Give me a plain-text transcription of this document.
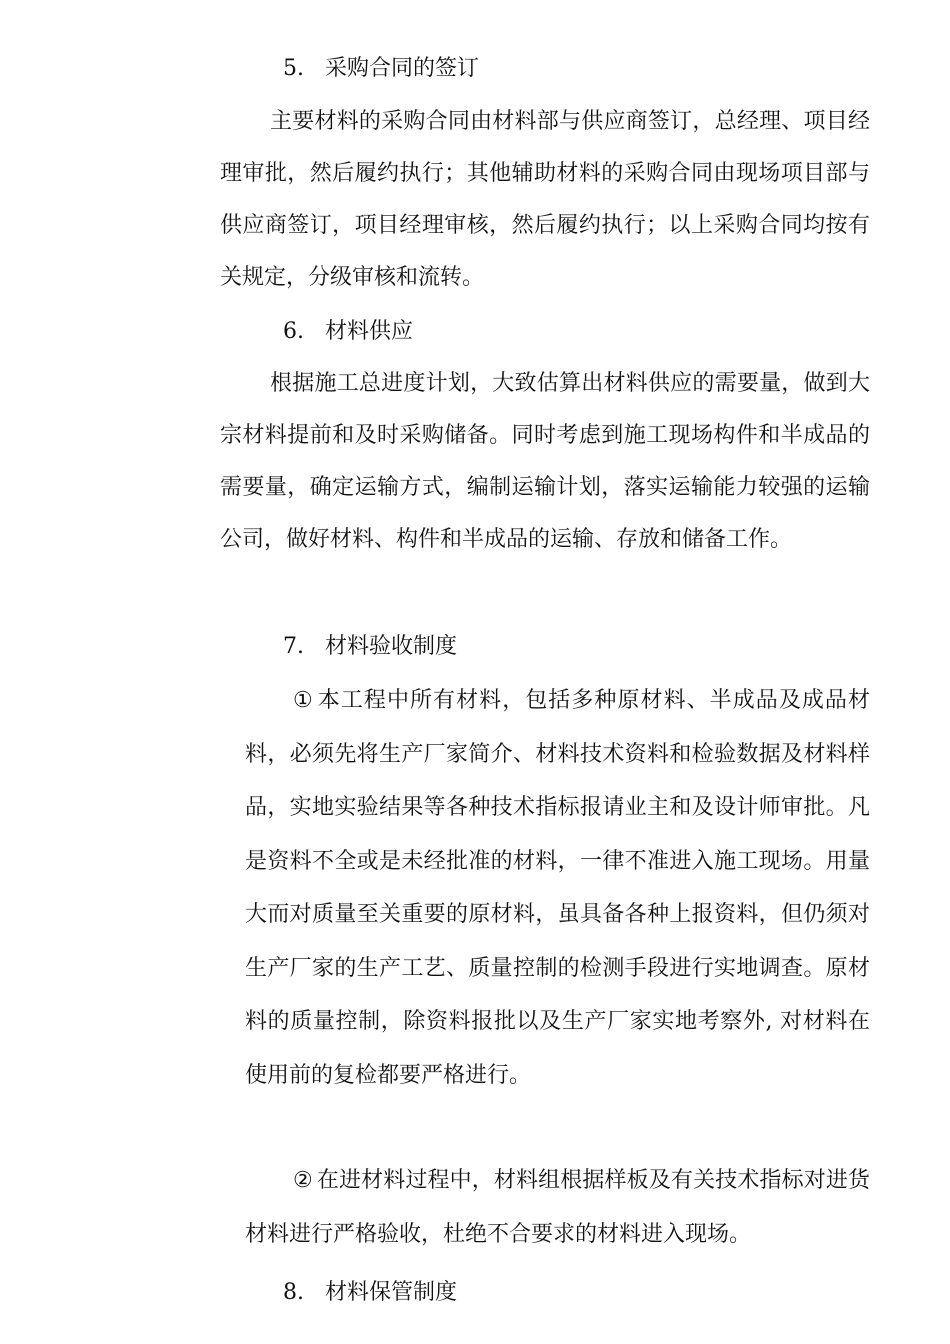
5. 采购合同的签订

主要材料的采购合同由材料部与供应商签订，总经理、项目经理审批，然后履约执行；其他辅助材料的采购合同由现场项目部与供应商签订，项目经理审核，然后履约执行；以上采购合同均按有关规定，分级审核和流转。

6. 材料供应

根据施工总进度计划，大致估算出材料供应的需要量，做到大宗材料提前和及时采购储备。同时考虑到施工现场构件和半成品的需要量，确定运输方式，编制运输计划，落实运输能力较强的运输公司，做好材料、构件和半成品的运输、存放和储备工作。

7. 材料验收制度

① 本工程中所有材料，包括多种原材料、半成品及成品材料，必须先将生产厂家简介、材料技术资料和检验数据及材料样品，实地实验结果等各种技术指标报请业主和及设计师审批。凡是资料不全或是未经批准的材料，一律不准进入施工现场。用量大而对质量至关重要的原材料，虽具备各种上报资料，但仍须对生产厂家的生产工艺、质量控制的检测手段进行实地调查。原材料的质量控制，除资料报批以及生产厂家实地考察外, 对材料在使用前的复检都要严格进行。

② 在进材料过程中，材料组根据样板及有关技术指标对进货材料进行严格验收，杜绝不合要求的材料进入现场。

8. 材料保管制度
